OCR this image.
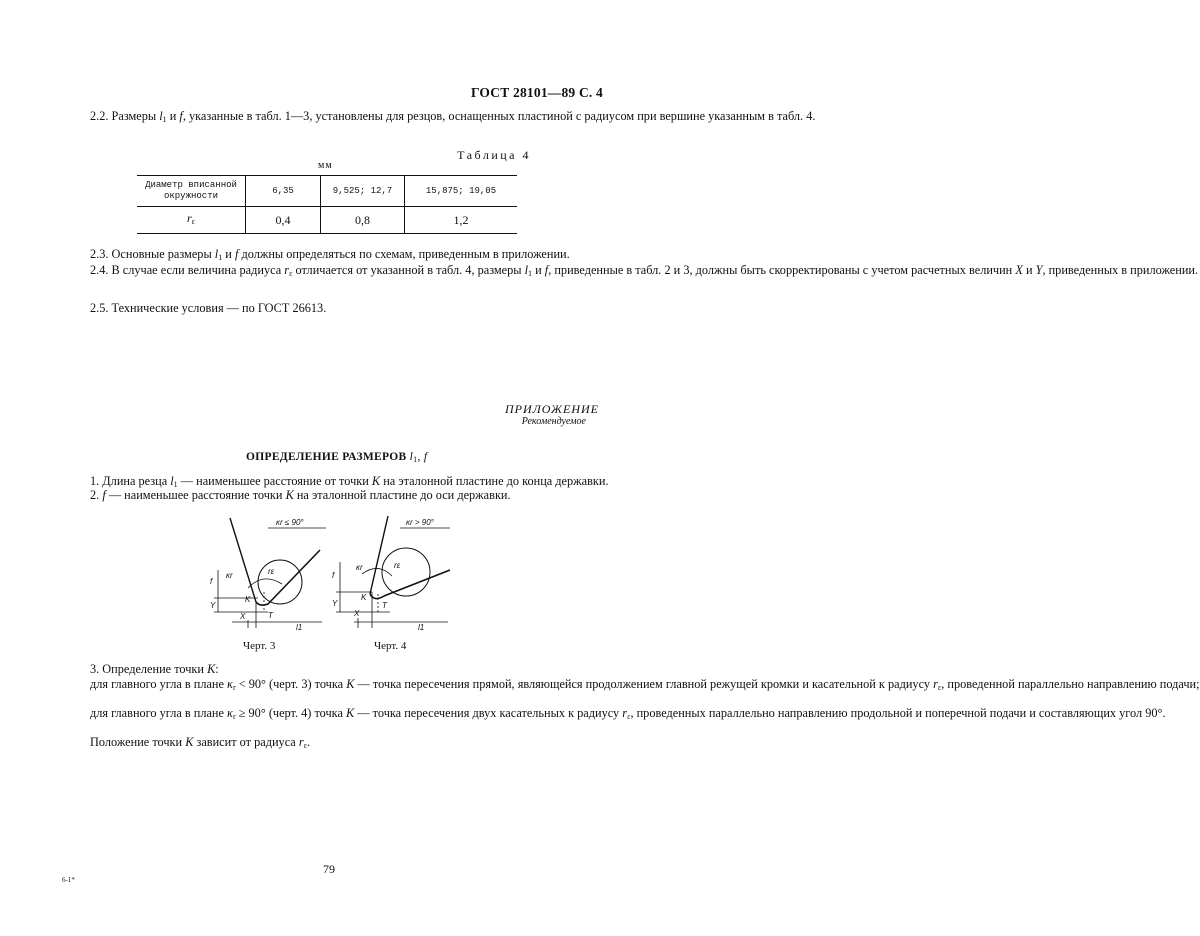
ГОСТ 28101—89 С. 4
2.2. Размеры $l_1$ и f, указанные в табл. 1—3, установлены для резцов, оснащенных пластиной с радиусом при вершине указанным в табл. 4.
Таблица 4
мм
Диаметр вписанной
окружности	6,35	9,525; 12,7	15,875; 19,05
$r_\varepsilon$	0,4	0,8	1,2
2.3. Основные размеры $l_1$ и f должны определяться по схемам, приведенным в приложении.
2.4. В случае если величина радиуса $r_\varepsilon$ отличается от указанной в табл. 4, размеры $l_1$ и f, приведенные в табл. 2 и 3, должны быть скорректированы с учетом расчетных величин X и Y, приведенных в приложении.
2.5. Технические условия — по ГОСТ 26613.
ПРИЛОЖЕНИЕ
Рекомендуемое
ОПРЕДЕЛЕНИЕ РАЗМЕРОВ $l_1$, f
1. Длина резца $l_1$ — наименьшее расстояние от точки K на эталонной пластине до конца державки.
2. f — наименьшее расстояние точки K на эталонной пластине до оси державки.
f
Y
X
K
T
l1
rε
κr
κr ≤ 90°
Черт. 3
f
Y
X
K
T
l1
rε
κr
κr > 90°
Черт. 4
3. Определение точки K:
для главного угла в плане $\kappa_r < 90^\circ$ (черт. 3) точка K — точка пересечения прямой, являющейся продолжением главной режущей кромки и касательной к радиусу $r_\varepsilon$, проведенной параллельно направлению подачи;
для главного угла в плане $\kappa_r \ge 90^\circ$ (черт. 4) точка K — точка пересечения двух касательных к радиусу $r_\varepsilon$, проведенных параллельно направлению продольной и поперечной подачи и составляющих угол 90°.
Положение точки K зависит от радиуса $r_\varepsilon$.
6-1*
79
